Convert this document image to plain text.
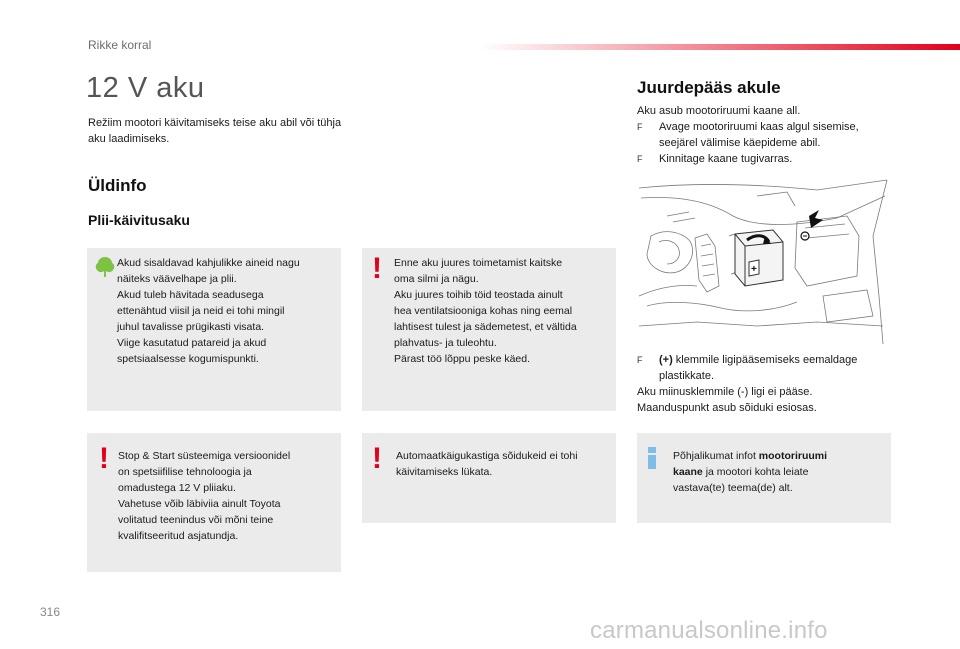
Rikke korral
12 V aku
Režiim mootori käivitamiseks teise aku abil või tühja aku laadimiseks.
Üldinfo
Plii-käivitusaku
Akud sisaldavad kahjulikke aineid nagu
näiteks väävelhape ja plii.
Akud tuleb hävitada seadusega
ettenähtud viisil ja neid ei tohi mingil
juhul tavalisse prügikasti visata.
Viige kasutatud patareid ja akud
spetsiaalsesse kogumispunkti.
! Enne aku juures toimetamist kaitske
oma silmi ja nägu.
Aku juures toihib töid teostada ainult
hea ventilatsiooniga kohas ning eemal
lahtisest tulest ja sädemetest, et vältida
plahvatus- ja tuleohtu.
Pärast töö lõppu peske käed.
! Stop & Start süsteemiga versioonidel
on spetsiifilise tehnoloogia ja
omadustega 12 V pliiaku.
Vahetuse võib läbiviia ainult Toyota
volitatud teenindus või mõni teine
kvalifitseeritud asjatundja.
! Automaatkäigukastiga sõidukeid ei tohi
käivitamiseks lükata.
Põhjalikumat infot mootoriruumi
kaane ja mootori kohta leiate
vastava(te) teema(de) alt.
Juurdepääs akule
Aku asub mootoriruumi kaane all.
F Avage mootoriruumi kaas algul sisemise,
seejärel välimise käepideme abil.
F Kinnitage kaane tugivarras.
+
F (+) klemmile ligipääsemiseks eemaldage
plastikkate.
Aku miinusklemmile (-) ligi ei pääse.
Maanduspunkt asub sõiduki esiosas.
316
carmanualsonline.info
